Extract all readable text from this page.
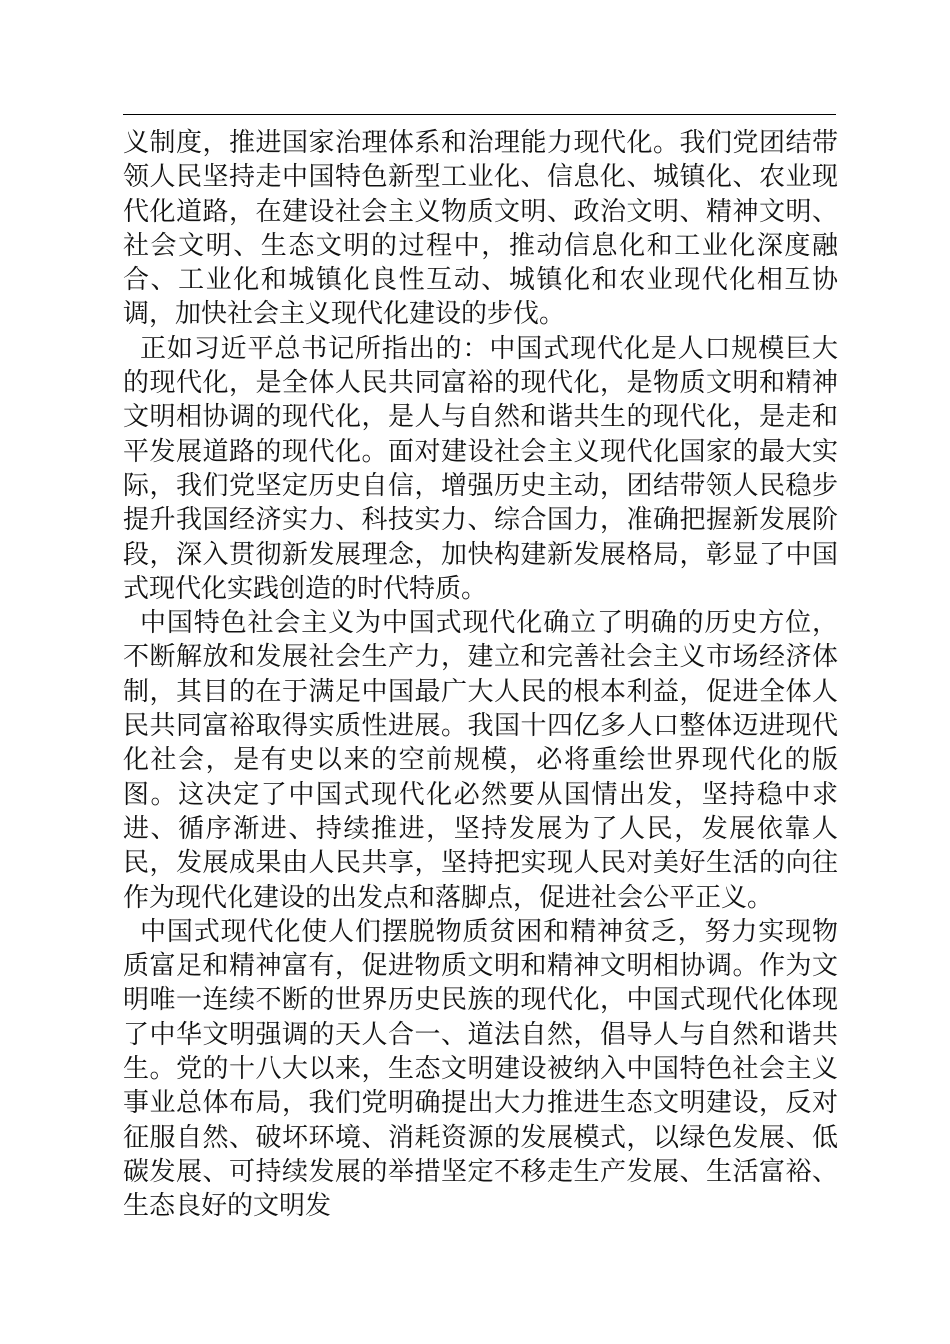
义制度，推进国家治理体系和治理能力现代化。我们党团结带领人民坚持走中国特色新型工业化、信息化、城镇化、农业现代化道路，在建设社会主义物质文明、政治文明、精神文明、社会文明、生态文明的过程中，推动信息化和工业化深度融合、工业化和城镇化良性互动、城镇化和农业现代化相互协调，加快社会主义现代化建设的步伐。

正如习近平总书记所指出的：中国式现代化是人口规模巨大的现代化，是全体人民共同富裕的现代化，是物质文明和精神文明相协调的现代化，是人与自然和谐共生的现代化，是走和平发展道路的现代化。面对建设社会主义现代化国家的最大实际，我们党坚定历史自信，增强历史主动，团结带领人民稳步提升我国经济实力、科技实力、综合国力，准确把握新发展阶段，深入贯彻新发展理念，加快构建新发展格局，彰显了中国式现代化实践创造的时代特质。

中国特色社会主义为中国式现代化确立了明确的历史方位，不断解放和发展社会生产力，建立和完善社会主义市场经济体制，其目的在于满足中国最广大人民的根本利益，促进全体人民共同富裕取得实质性进展。我国十四亿多人口整体迈进现代化社会，是有史以来的空前规模，必将重绘世界现代化的版图。这决定了中国式现代化必然要从国情出发，坚持稳中求进、循序渐进、持续推进，坚持发展为了人民，发展依靠人民，发展成果由人民共享，坚持把实现人民对美好生活的向往作为现代化建设的出发点和落脚点，促进社会公平正义。

中国式现代化使人们摆脱物质贫困和精神贫乏，努力实现物质富足和精神富有，促进物质文明和精神文明相协调。作为文明唯一连续不断的世界历史民族的现代化，中国式现代化体现了中华文明强调的天人合一、道法自然，倡导人与自然和谐共生。党的十八大以来，生态文明建设被纳入中国特色社会主义事业总体布局，我们党明确提出大力推进生态文明建设，反对征服自然、破坏环境、消耗资源的发展模式，以绿色发展、低碳发展、可持续发展的举措坚定不移走生产发展、生活富裕、生态良好的文明发
